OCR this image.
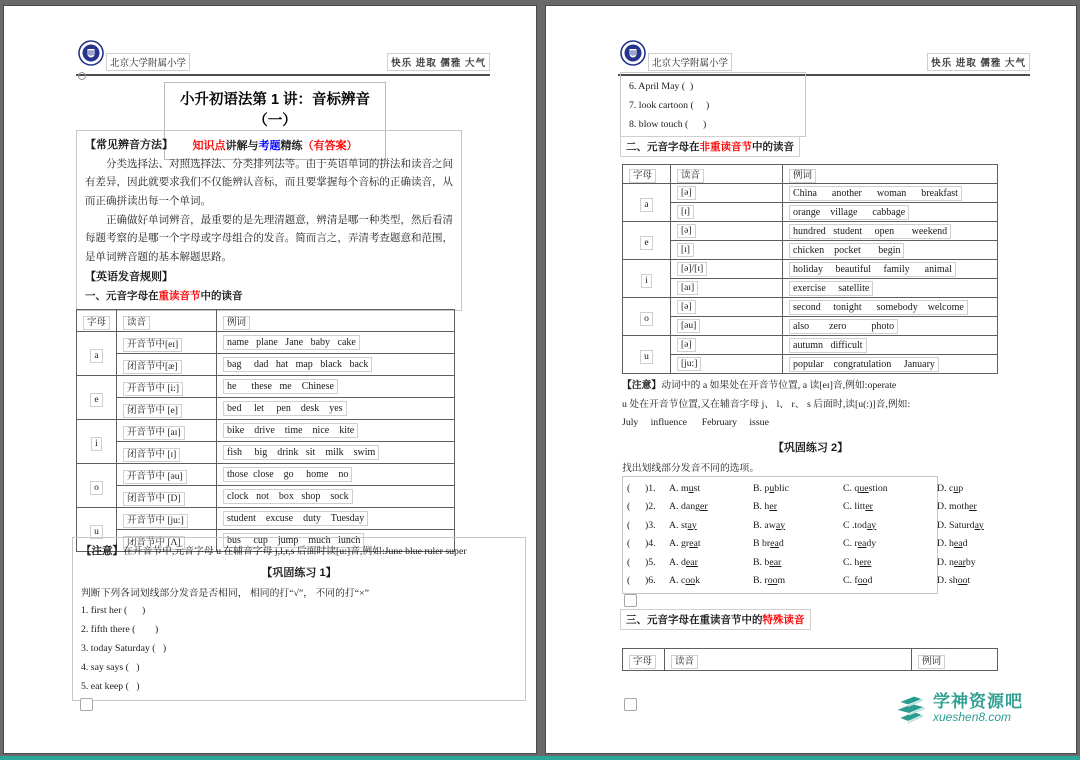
北京大学附属小学	快乐 进取 儒雅 大气
小升初语法第 1 讲：音标辨音（一）
知识点讲解与考题精练（有答案）
【常见辨音方法】

分类选择法、对照选择法、分类排列法等。由于英语单词的拼法和读音之间有差异，因此就要求我们不仅能辨认音标，而且要掌握每个音标的正确读音，从而正确拼读出每一个单词。

正确做好单词辨音，最重要的是先理清题意，辨清是哪一种类型，然后看清每题考察的是哪一个字母或字母组合的发音。简而言之，弄清考查题意和范围，是单词辨音题的基本解题思路。

【英语发音规则】
一、元音字母在重读音节中的读音
字母	读音	例词
a	开音节中[eɪ]	name   plane   Jane   baby   cake
	闭音节中[æ]	bag     dad   hat   map   black   back
e	开音节中 [i:]	he      these   me    Chinese
	闭音节中 [e]	bed     let     pen    desk    yes
i	开音节中 [aɪ]	bike    drive    time    nice    kite
	闭音节中 [ɪ]	fish     big    drink   sit    milk    swim
o	开音节中 [əu]	those  close    go     home    no
	闭音节中 [D]	clock   not    box   shop    sock
u	开音节中 [ju:]	student    excuse    duty    Tuesday
	闭音节中 [Λ]	bus     cup    jump    much   lunch
【注意】在开音节中,元音字母 u 在辅音字母 j,l,r,s 后面时读[u:]音,例如:June blue ruler super
【巩固练习 1】
判断下列各词划线部分发音是否相同， 相同的打“√”， 不同的打“×”
1. first her (      )
2. fifth there (        )
3. today Saturday (   )
4. say says (   )
5. eat keep (   )
北京大学附属小学	快乐 进取 儒雅 大气
6. April May (  )
7. look cartoon (     )
8. blow touch (      )
二、元音字母在非重读音节中的读音
字母	读音	例词
a	[ə]	China      another      woman      breakfast
	[ɪ]	orange    village      cabbage
e	[ə]	hundred   student     open       weekend
	[ɪ]	chicken    pocket       begin
i	[ə]/[ɪ]	holiday     beautiful     family      animal
	[aɪ]	exercise     satellite
o	[ə]	second     tonight      somebody    welcome
	[əu]	also        zero          photo
u	[ə]	autumn   difficult
	[ju:]	popular    congratulation     January
【注意】动词中的 a 如果处在开音节位置, a 读[eɪ]音,例如:operate
u 处在开音节位置,又在辅音字母 j、 l、 r、 s 后面时,读[u(:)]音,例如:
July     influence      February     issue
【巩固练习 2】
找出划线部分发音不同的选项。
(      )1.	A. must	B. public	C. question	D. cup
(      )2.	A. danger	B. her	C. litter	D. mother
(      )3.	A. stay	B. away	C .today	D. Saturday
(      )4.	A. great	B bread	C. ready	D. head
(      )5.	A. dear	B. bear	C. here	D. nearby
(      )6.	A. cook	B. room	C. food	D. shoot
三、元音字母在重读音节中的特殊读音
字母	读音	例词
学神资源吧
xueshen8.com
